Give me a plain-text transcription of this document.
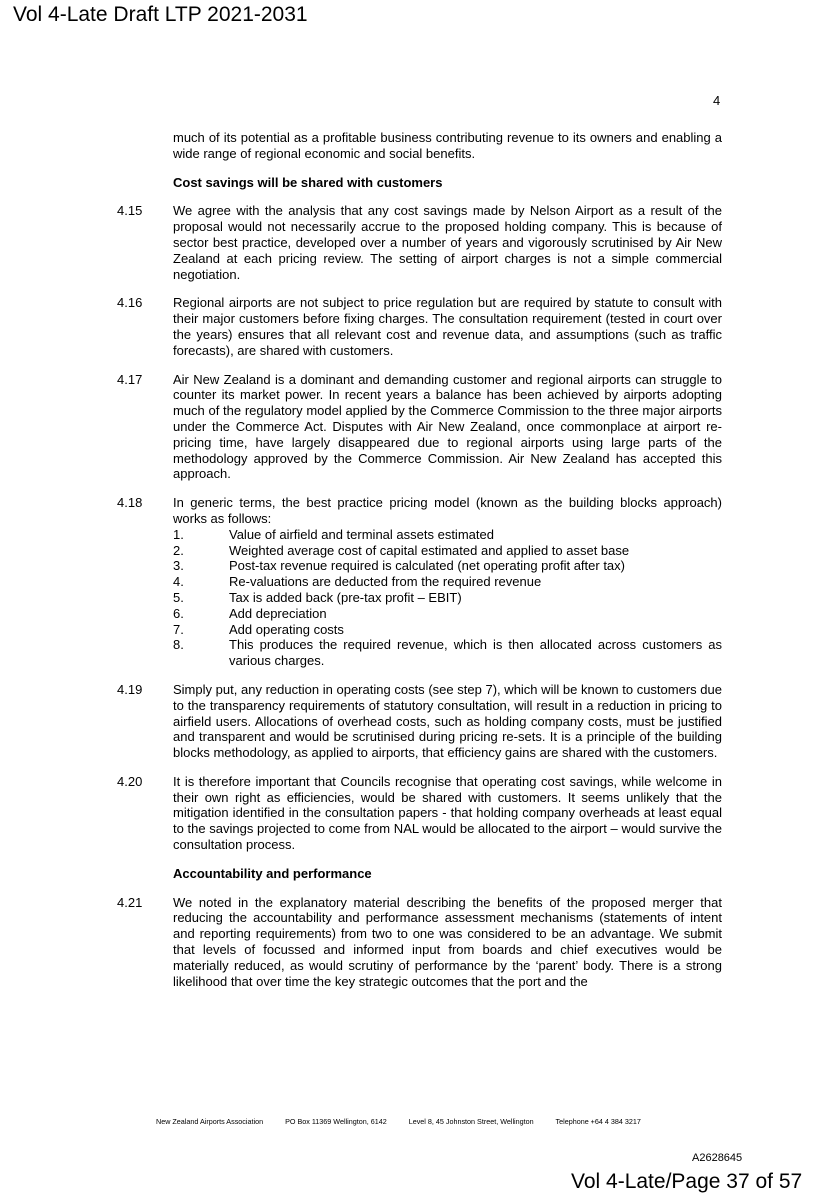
Vol 4-Late Draft LTP 2021-2031
4

much of its potential as a profitable business contributing revenue to its owners and enabling a wide range of regional economic and social benefits.

Cost savings will be shared with customers

4.15	We agree with the analysis that any cost savings made by Nelson Airport as a result of the proposal would not necessarily accrue to the proposed holding company. This is because of sector best practice, developed over a number of years and vigorously scrutinised by Air New Zealand at each pricing review. The setting of airport charges is not a simple commercial negotiation.
4.16	Regional airports are not subject to price regulation but are required by statute to consult with their major customers before fixing charges. The consultation requirement (tested in court over the years) ensures that all relevant cost and revenue data, and assumptions (such as traffic forecasts), are shared with customers.
4.17	Air New Zealand is a dominant and demanding customer and regional airports can struggle to counter its market power. In recent years a balance has been achieved by airports adopting much of the regulatory model applied by the Commerce Commission to the three major airports under the Commerce Act. Disputes with Air New Zealand, once commonplace at airport re-pricing time, have largely disappeared due to regional airports using large parts of the methodology approved by the Commerce Commission. Air New Zealand has accepted this approach.
4.18	In generic terms, the best practice pricing model (known as the building blocks approach) works as follows:
1.	Value of airfield and terminal assets estimated
2.	Weighted average cost of capital estimated and applied to asset base
3.	Post-tax revenue required is calculated (net operating profit after tax)
4.	Re-valuations are deducted from the required revenue
5.	Tax is added back (pre-tax profit – EBIT)
6.	Add depreciation
7.	Add operating costs
8.	This produces the required revenue, which is then allocated across customers as various charges.
4.19	Simply put, any reduction in operating costs (see step 7), which will be known to customers due to the transparency requirements of statutory consultation, will result in a reduction in pricing to airfield users. Allocations of overhead costs, such as holding company costs, must be justified and transparent and would be scrutinised during pricing re-sets. It is a principle of the building blocks methodology, as applied to airports, that efficiency gains are shared with the customers.
4.20	It is therefore important that Councils recognise that operating cost savings, while welcome in their own right as efficiencies, would be shared with customers. It seems unlikely that the mitigation identified in the consultation papers - that holding company overheads at least equal to the savings projected to come from NAL would be allocated to the airport – would survive the consultation process.

Accountability and performance

4.21	We noted in the explanatory material describing the benefits of the proposed merger that reducing the accountability and performance assessment mechanisms (statements of intent and reporting requirements) from two to one was considered to be an advantage. We submit that levels of focussed and informed input from boards and chief executives would be materially reduced, as would scrutiny of performance by the ‘parent’ body. There is a strong likelihood that over time the key strategic outcomes that the port and the
New Zealand Airports Association	PO Box 11369 Wellington, 6142	Level 8, 45 Johnston Street, Wellington	Telephone +64 4 384 3217
A2628645
Vol 4-Late/Page 37 of 57
